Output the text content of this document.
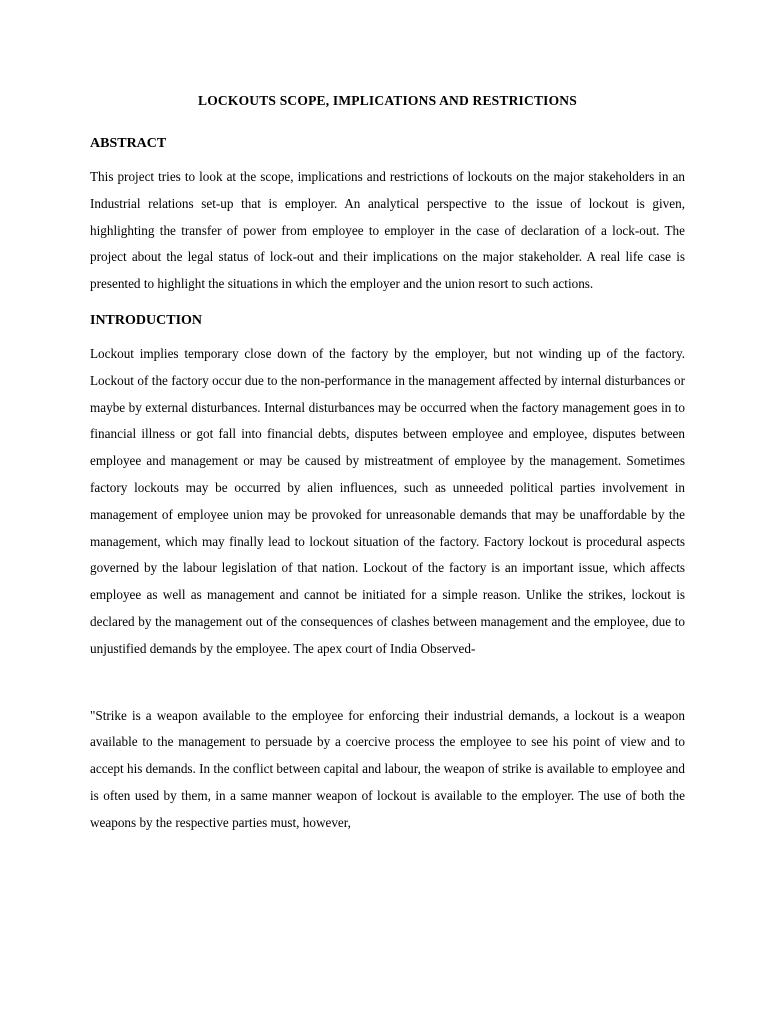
LOCKOUTS SCOPE, IMPLICATIONS AND RESTRICTIONS
ABSTRACT

This project tries to look at the scope, implications and restrictions of lockouts on the major stakeholders in an Industrial relations set-up that is employer. An analytical perspective to the issue of lockout is given, highlighting the transfer of power from employee to employer in the case of declaration of a lock-out. The project about the legal status of lock-out and their implications on the major stakeholder. A real life case is presented to highlight the situations in which the employer and the union resort to such actions.

INTRODUCTION

Lockout implies temporary close down of the factory by the employer, but not winding up of the factory. Lockout of the factory occur due to the non-performance in the management affected by internal disturbances or maybe by external disturbances. Internal disturbances may be occurred when the factory management goes in to financial illness or got fall into financial debts, disputes between employee and employee, disputes between employee and management or may be caused by mistreatment of employee by the management. Sometimes factory lockouts may be occurred by alien influences, such as unneeded political parties involvement in management of employee union may be provoked for unreasonable demands that may be unaffordable by the management, which may finally lead to lockout situation of the factory. Factory lockout is procedural aspects governed by the labour legislation of that nation. Lockout of the factory is an important issue, which affects employee as well as management and cannot be initiated for a simple reason. Unlike the strikes, lockout is declared by the management out of the consequences of clashes between management and the employee, due to unjustified demands by the employee. The apex court of India Observed-

"Strike is a weapon available to the employee for enforcing their industrial demands, a lockout is a weapon available to the management to persuade by a coercive process the employee to see his point of view and to accept his demands. In the conflict between capital and labour, the weapon of strike is available to employee and is often used by them, in a same manner weapon of lockout is available to the employer. The use of both the weapons by the respective parties must, however,
